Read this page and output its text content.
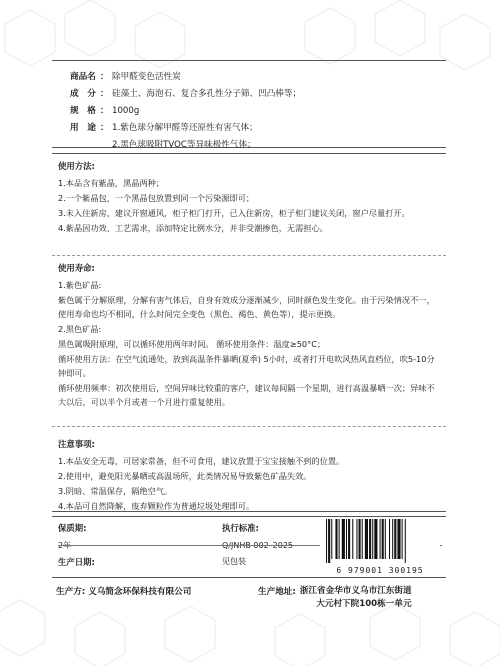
商品名 ： 除甲醛变色活性炭
成　分 ： 硅藻土、海泡石、复合多孔性分子筛、凹凸棒等；
规　格 ： 1000g
用　途 ： 1.紫色球分解甲醛等还原性有害气体；
2.黑色球吸附TVOC等异味极性气体；
使用方法:

1.本品含有紫晶，黑晶两种；

2.一个紫晶包，一个黑晶包放置到同一个污染源即可；

3.未入住新房，建议开窗通风，柜子柜门打开，已入住新房，柜子柜门建议关闭，窗户尽量打开。

4.紫晶因功效、工艺需求，添加特定比例水分，并非受潮掺色，无需担心。

使用寿命:

1.紫色矿晶:

紫色属于分解原理，分解有害气体后，自身有效成分逐渐减少，同时颜色发生变化。由于污染情况不一，使用寿命也均不相同，什么时间完全变色（黑色、褐色、黄色等），提示更换。

2.黑色矿晶:

黑色属吸附原理，可以循环使用两年时间。 循环使用条件：温度≥50°C；

循环使用方法：在空气流通处，放到高温条件暴晒(夏季) 5小时，或者打开电吹风热风直档位，吹5-10分钟即可。

循环使用频率：初次使用后，空间异味比较重的客户，建议每间隔一个星期，进行高温暴晒一次；异味不大以后，可以半个月或者一个月进行重复使用。

注意事项:

1.本品安全无毒，可居家常备，但不可食用，建议放置于宝宝接触不到的位置。

2.使用中，避免阳光暴晒或高温场所，此类情况易导致紫色矿晶失效。

3.阴暗、常温保存，隔绝空气。

4.本品可自然降解，废弃颗粒作为普通垃圾处理即可。

保质期:
2年
生产日期:
执行标准:
Q/JNHB 002–2025
见包装
6 979001 300195
生产方: 义乌简念环保科技有限公司	生产地址: 浙江省金华市义乌市江东街道
大元村下院100栋一单元
